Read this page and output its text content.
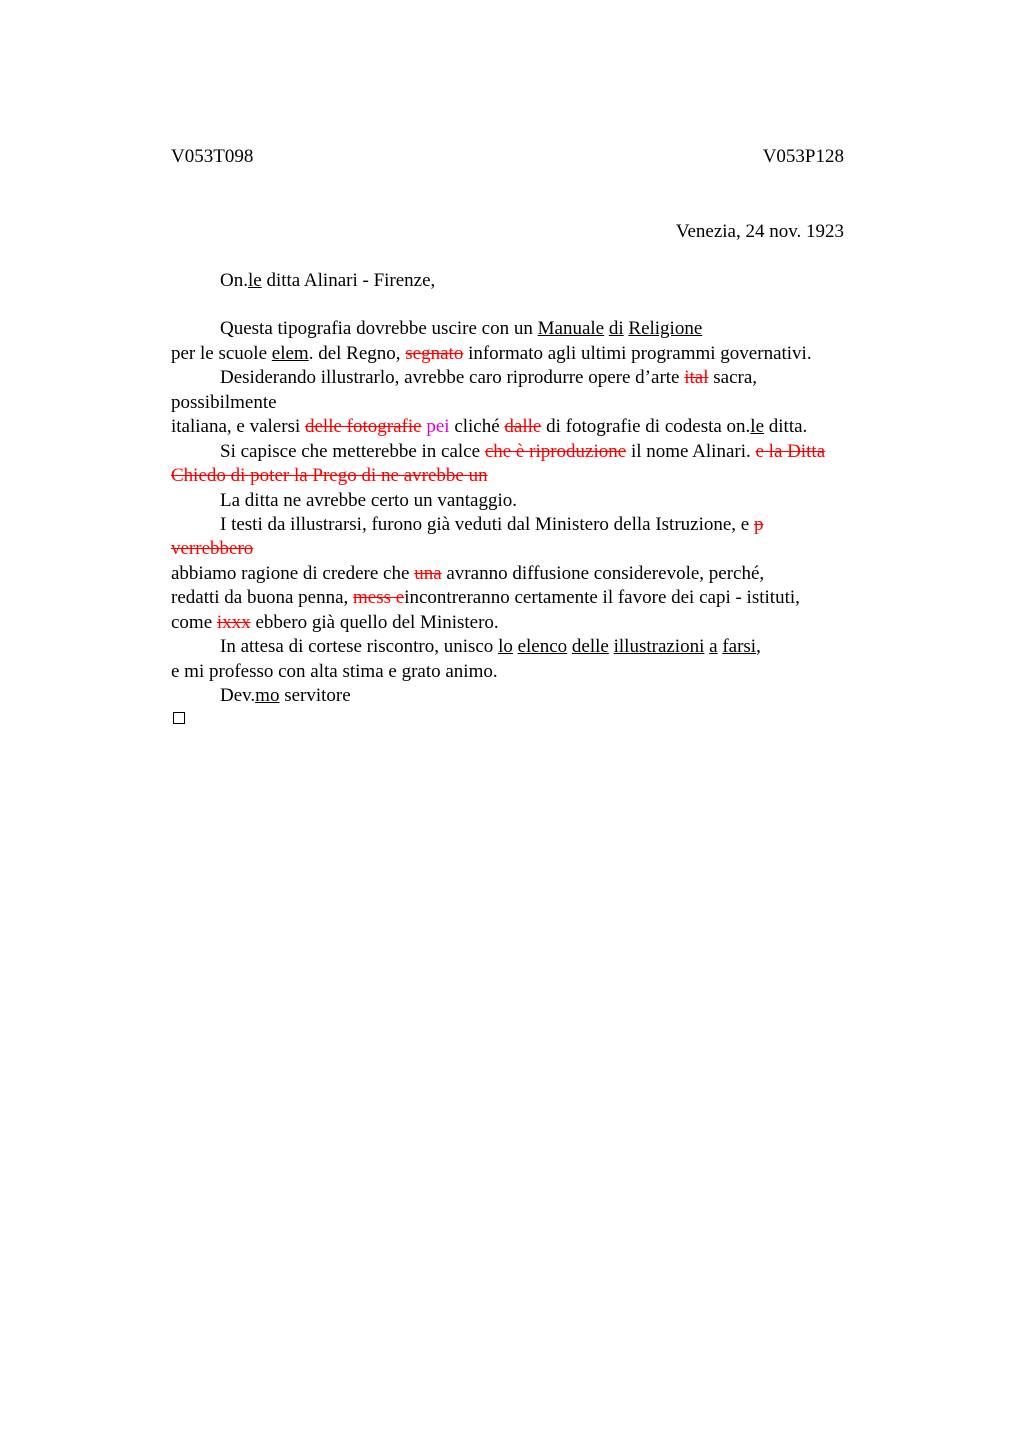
V053T098	V053P128
Venezia, 24 nov. 1923
On.le ditta Alinari - Firenze,
Questa tipografia dovrebbe uscire con un Manuale di Religione
per le scuole elem. del Regno, segnato informato agli ultimi programmi governativi.
Desiderando illustrarlo, avrebbe caro riprodurre opere d’arte ital sacra,
possibilmente
italiana, e valersi delle fotografie pei cliché dalle di fotografie di codesta on.le ditta.
Si capisce che metterebbe in calce che è riproduzione il nome Alinari. e la Ditta
Chiedo di poter la Prego di ne avrebbe un
La ditta ne avrebbe certo un vantaggio.
I testi da illustrarsi, furono già veduti dal Ministero della Istruzione, e p
verrebbero
abbiamo ragione di credere che una avranno diffusione considerevole, perché,
redatti da buona penna, mess eincontreranno certamente il favore dei capi - istituti,
come ixxx ebbero già quello del Ministero.
In attesa di cortese riscontro, unisco lo elenco delle illustrazioni a farsi,
e mi professo con alta stima e grato animo.
Dev.mo servitore
